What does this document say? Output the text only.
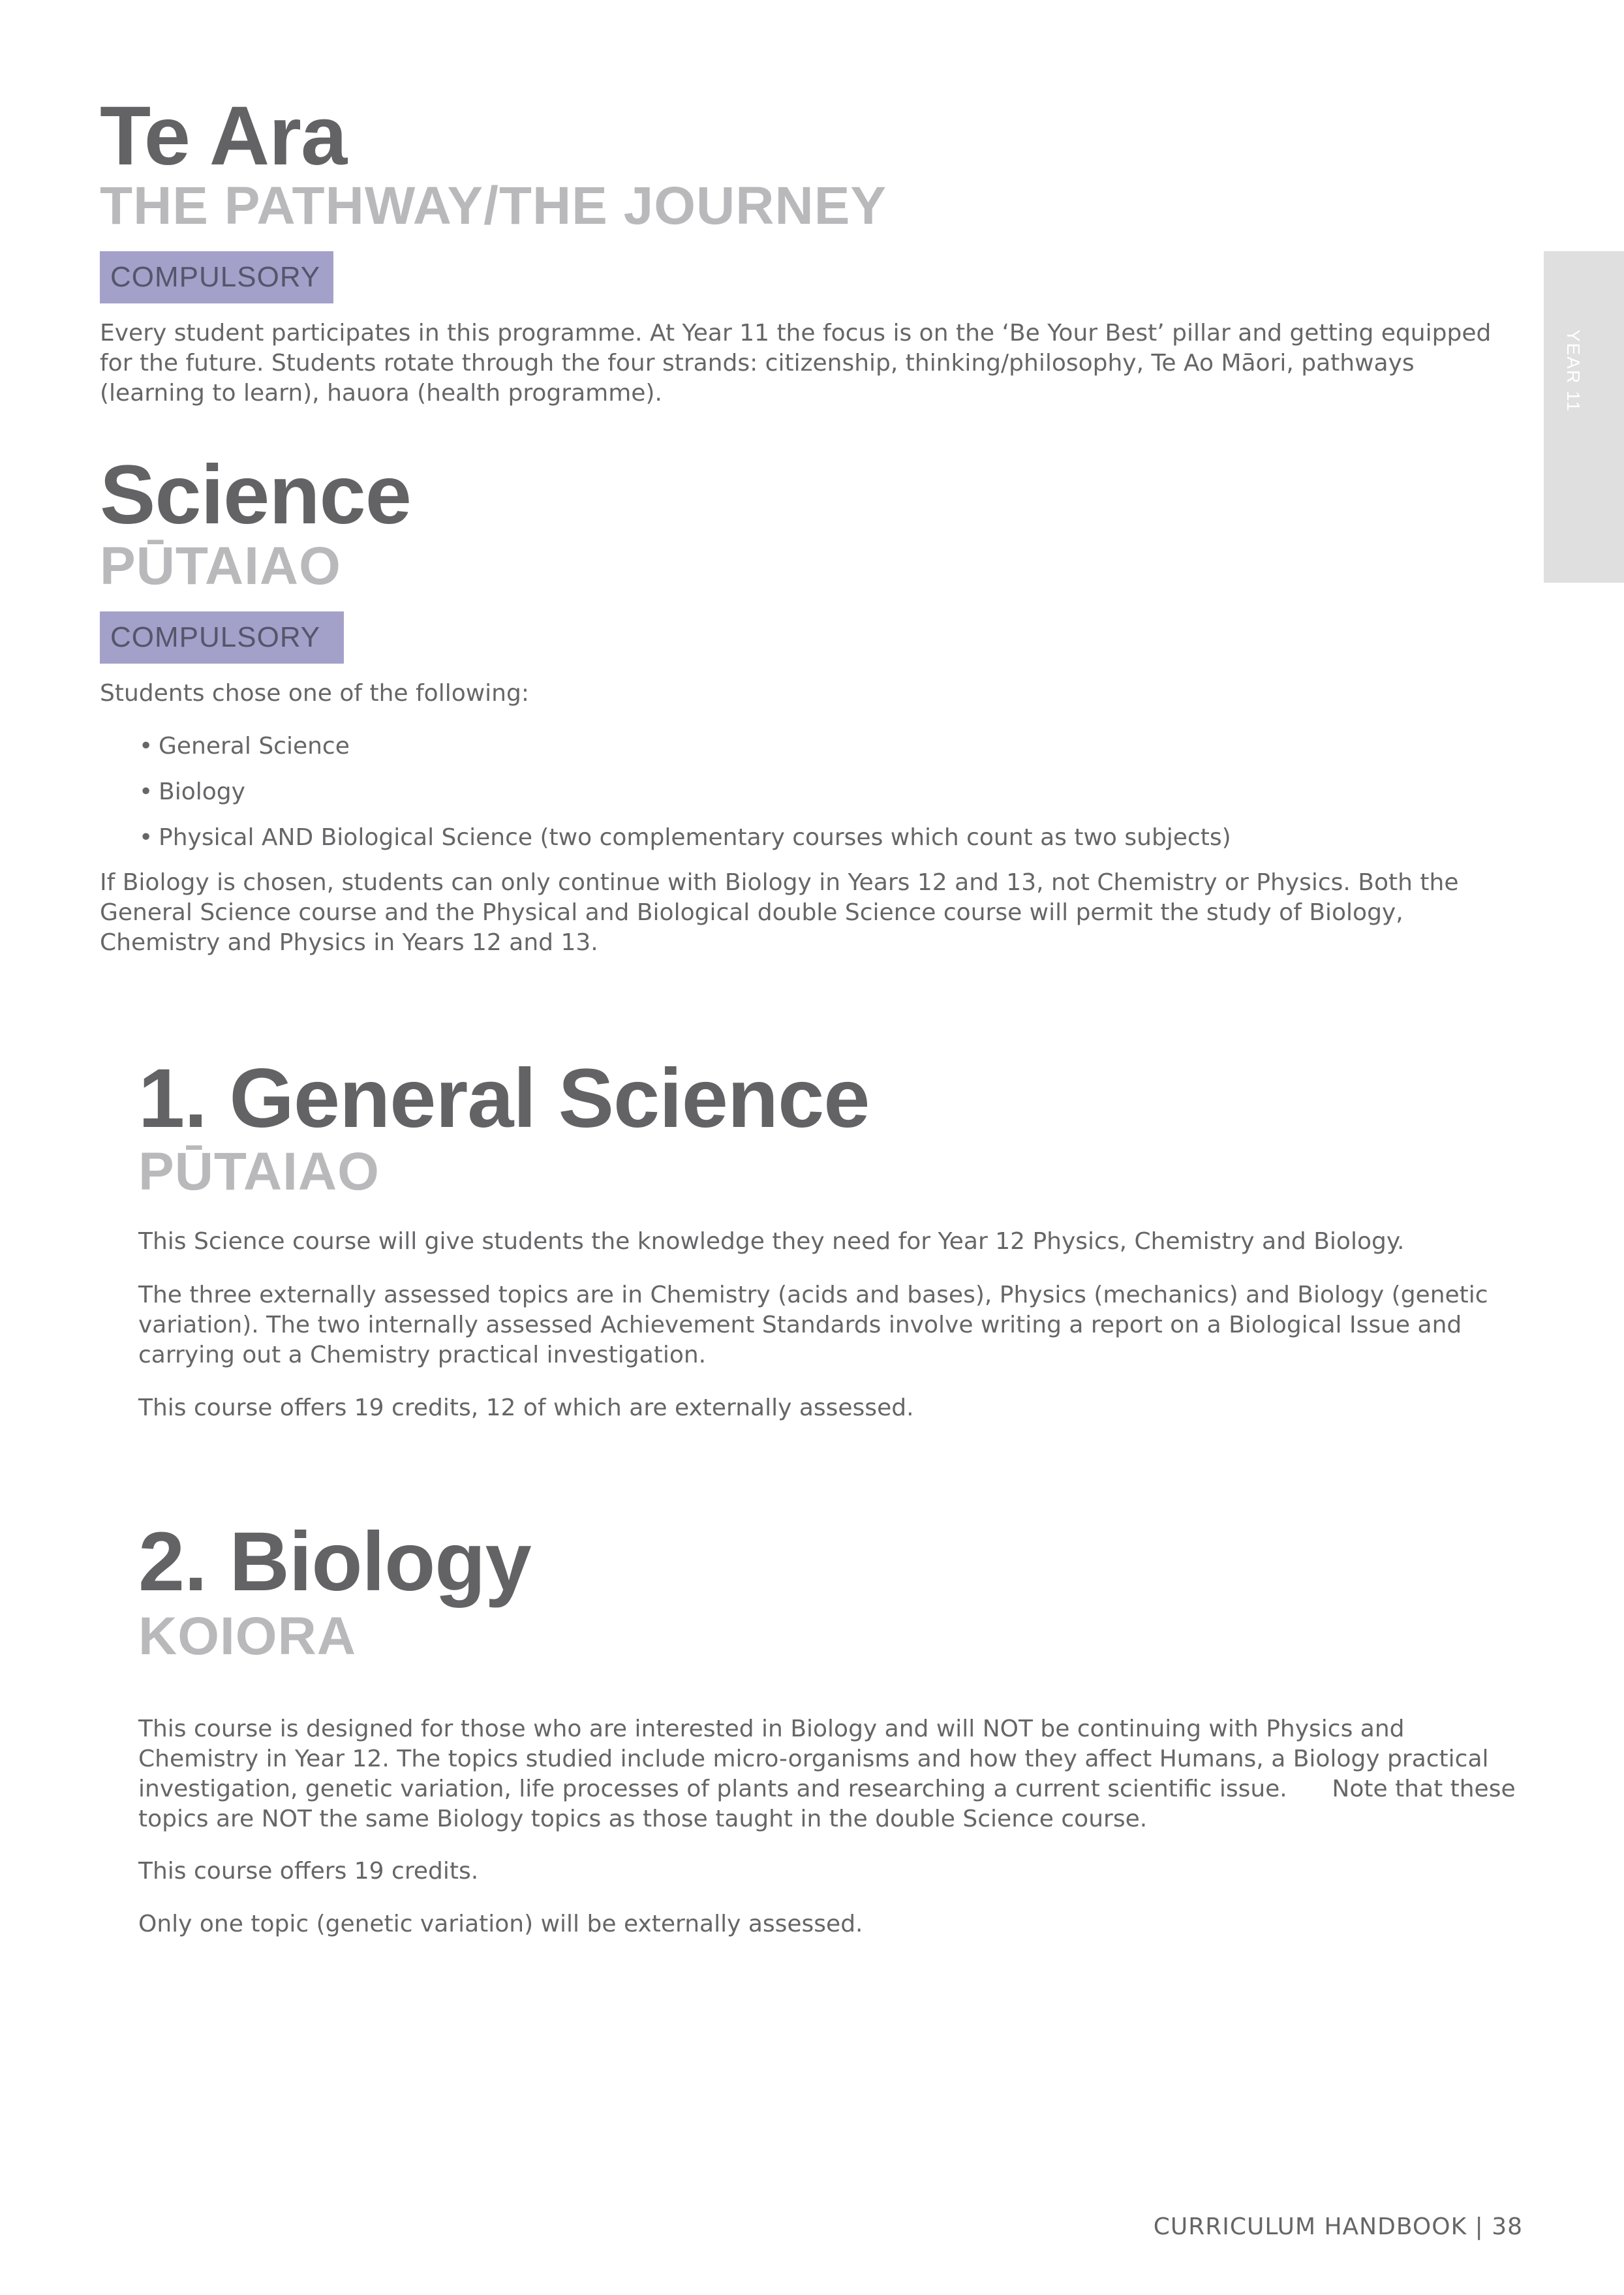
YEAR 11
Te Ara
THE PATHWAY/THE JOURNEY
COMPULSORY

Every student participates in this programme. At Year 11 the focus is on the ‘Be Your Best’ pillar and getting equipped for the future. Students rotate through the four strands: citizenship, thinking/philosophy, Te Ao Māori, pathways (learning to learn), hauora (health programme).

Science
PŪTAIAO
COMPULSORY

Students chose one of the following:

• General Science
• Biology
• Physical AND Biological Science (two complementary courses which count as two subjects)

If Biology is chosen, students can only continue with Biology in Years 12 and 13, not Chemistry or Physics. Both the General Science course and the Physical and Biological double Science course will permit the study of Biology, Chemistry and Physics in Years 12 and 13.

1. General Science
PŪTAIAO

This Science course will give students the knowledge they need for Year 12 Physics, Chemistry and Biology.

The three externally assessed topics are in Chemistry (acids and bases), Physics (mechanics) and Biology (genetic variation). The two internally assessed Achievement Standards involve writing a report on a Biological Issue and carrying out a Chemistry practical investigation.

This course offers 19 credits, 12 of which are externally assessed.

2. Biology
KOIORA

This course is designed for those who are interested in Biology and will NOT be continuing with Physics and Chemistry in Year 12. The topics studied include micro-organisms and how they affect Humans, a Biology practical investigation, genetic variation, life processes of plants and researching a current scientific issue.      Note that these topics are NOT the same Biology topics as those taught in the double Science course.

This course offers 19 credits.

Only one topic (genetic variation) will be externally assessed.

CURRICULUM HANDBOOK | 38
